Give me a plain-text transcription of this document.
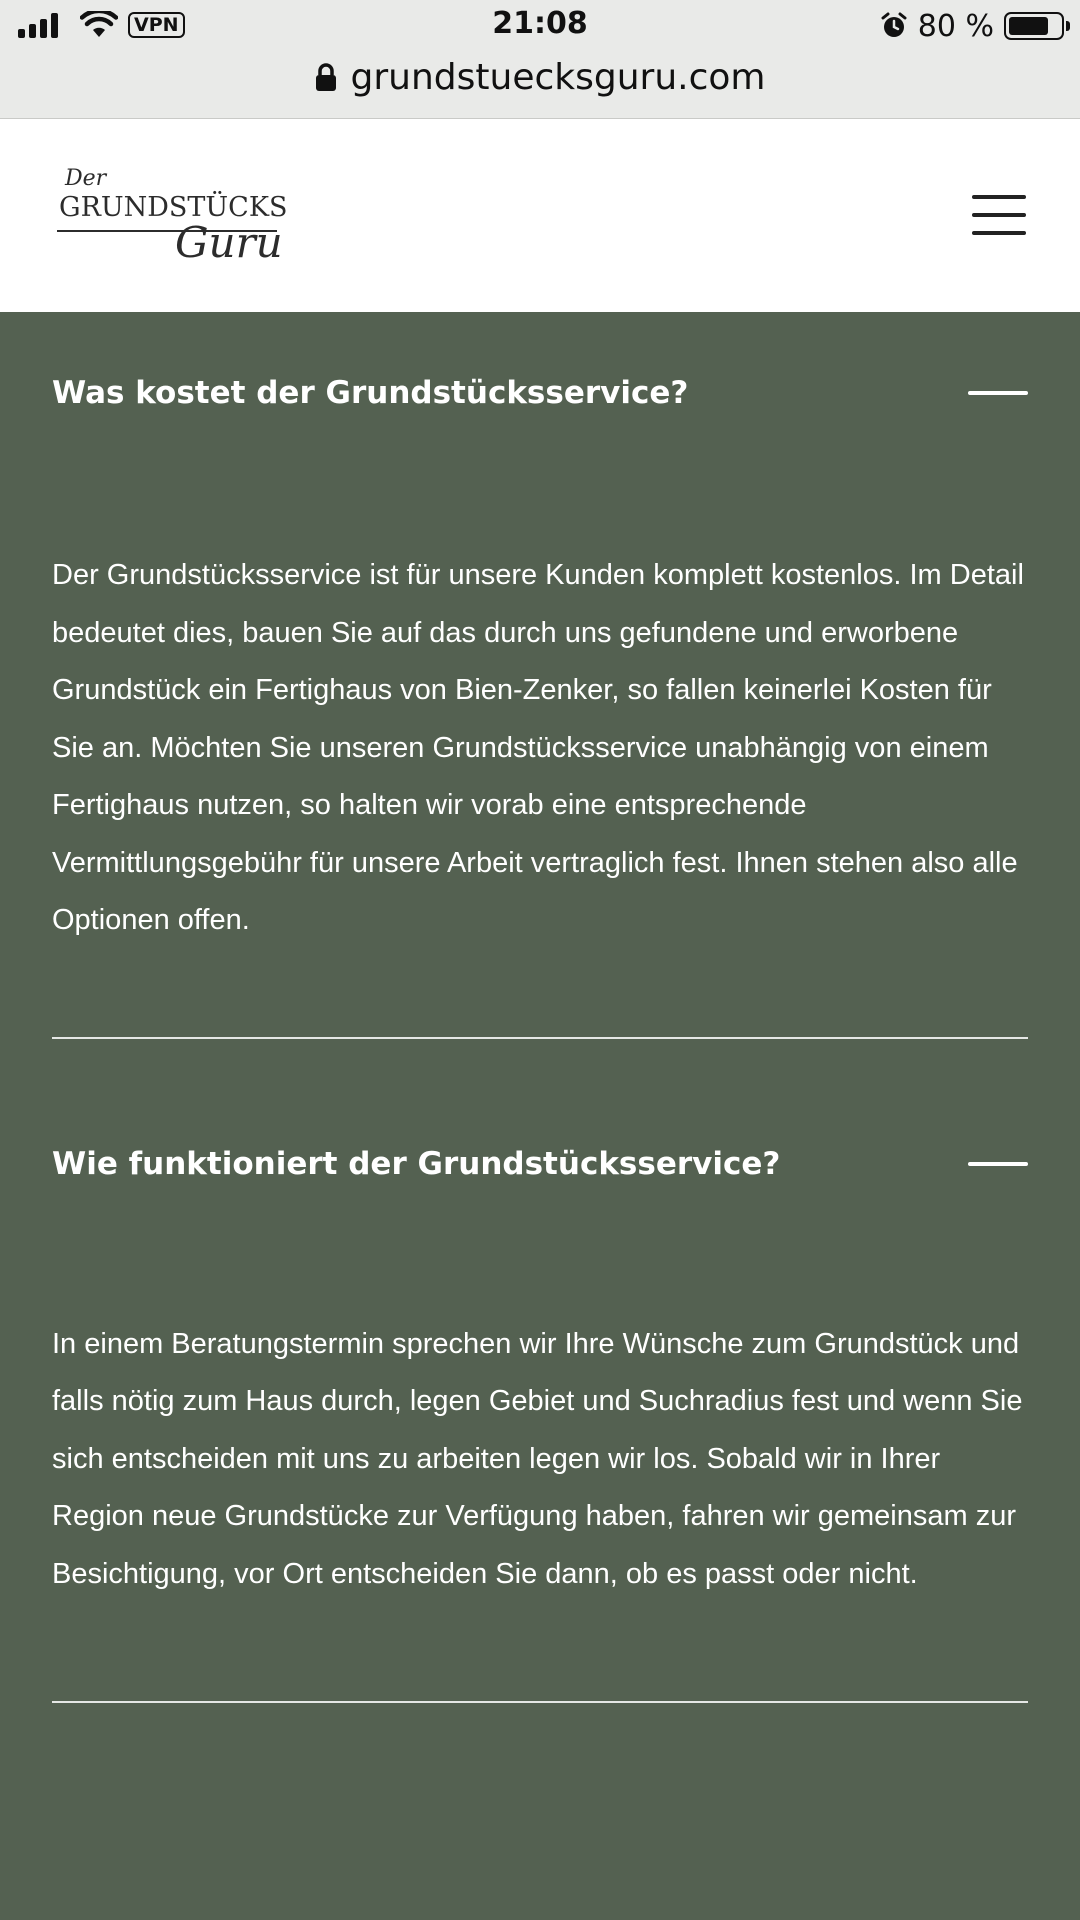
VPN	21:08	80 %
grundstuecksguru.com
Der
GRUNDSTÜCKS
Guru
Was kostet der Grundstücksservice?
Der Grundstücksservice ist für unsere Kunden komplett kostenlos. Im Detail bedeutet dies, bauen Sie auf das durch uns gefundene und erworbene Grundstück ein Fertighaus von Bien-Zenker, so fallen keinerlei Kosten für Sie an. Möchten Sie unseren Grundstücksservice unabhängig von einem Fertighaus nutzen, so halten wir vorab eine entsprechende Vermittlungsgebühr für unsere Arbeit vertraglich fest. Ihnen stehen also alle Optionen offen.
Wie funktioniert der Grundstücksservice?
In einem Beratungstermin sprechen wir Ihre Wünsche zum Grundstück und falls nötig zum Haus durch, legen Gebiet und Suchradius fest und wenn Sie sich entscheiden mit uns zu arbeiten legen wir los. Sobald wir in Ihrer Region neue Grundstücke zur Verfügung haben, fahren wir gemeinsam zur Besichtigung, vor Ort entscheiden Sie dann, ob es passt oder nicht.
